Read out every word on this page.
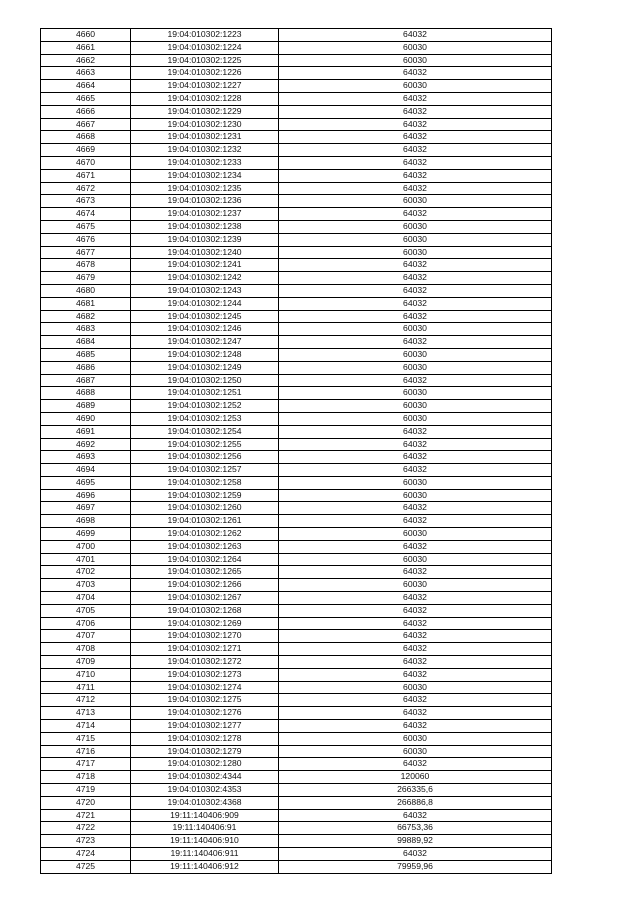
4660	19:04:010302:1223	64032
4661	19:04:010302:1224	60030
4662	19:04:010302:1225	60030
4663	19:04:010302:1226	64032
4664	19:04:010302:1227	60030
4665	19:04:010302:1228	64032
4666	19:04:010302:1229	64032
4667	19:04:010302:1230	64032
4668	19:04:010302:1231	64032
4669	19:04:010302:1232	64032
4670	19:04:010302:1233	64032
4671	19:04:010302:1234	64032
4672	19:04:010302:1235	64032
4673	19:04:010302:1236	60030
4674	19:04:010302:1237	64032
4675	19:04:010302:1238	60030
4676	19:04:010302:1239	60030
4677	19:04:010302:1240	60030
4678	19:04:010302:1241	64032
4679	19:04:010302:1242	64032
4680	19:04:010302:1243	64032
4681	19:04:010302:1244	64032
4682	19:04:010302:1245	64032
4683	19:04:010302:1246	60030
4684	19:04:010302:1247	64032
4685	19:04:010302:1248	60030
4686	19:04:010302:1249	60030
4687	19:04:010302:1250	64032
4688	19:04:010302:1251	60030
4689	19:04:010302:1252	60030
4690	19:04:010302:1253	60030
4691	19:04:010302:1254	64032
4692	19:04:010302:1255	64032
4693	19:04:010302:1256	64032
4694	19:04:010302:1257	64032
4695	19:04:010302:1258	60030
4696	19:04:010302:1259	60030
4697	19:04:010302:1260	64032
4698	19:04:010302:1261	64032
4699	19:04:010302:1262	60030
4700	19:04:010302:1263	64032
4701	19:04:010302:1264	60030
4702	19:04:010302:1265	64032
4703	19:04:010302:1266	60030
4704	19:04:010302:1267	64032
4705	19:04:010302:1268	64032
4706	19:04:010302:1269	64032
4707	19:04:010302:1270	64032
4708	19:04:010302:1271	64032
4709	19:04:010302:1272	64032
4710	19:04:010302:1273	64032
4711	19:04:010302:1274	60030
4712	19:04:010302:1275	64032
4713	19:04:010302:1276	64032
4714	19:04:010302:1277	64032
4715	19:04:010302:1278	60030
4716	19:04:010302:1279	60030
4717	19:04:010302:1280	64032
4718	19:04:010302:4344	120060
4719	19:04:010302:4353	266335,6
4720	19:04:010302:4368	266886,8
4721	19:11:140406:909	64032
4722	19:11:140406:91	66753,36
4723	19:11:140406:910	99889,92
4724	19:11:140406:911	64032
4725	19:11:140406:912	79959,96
